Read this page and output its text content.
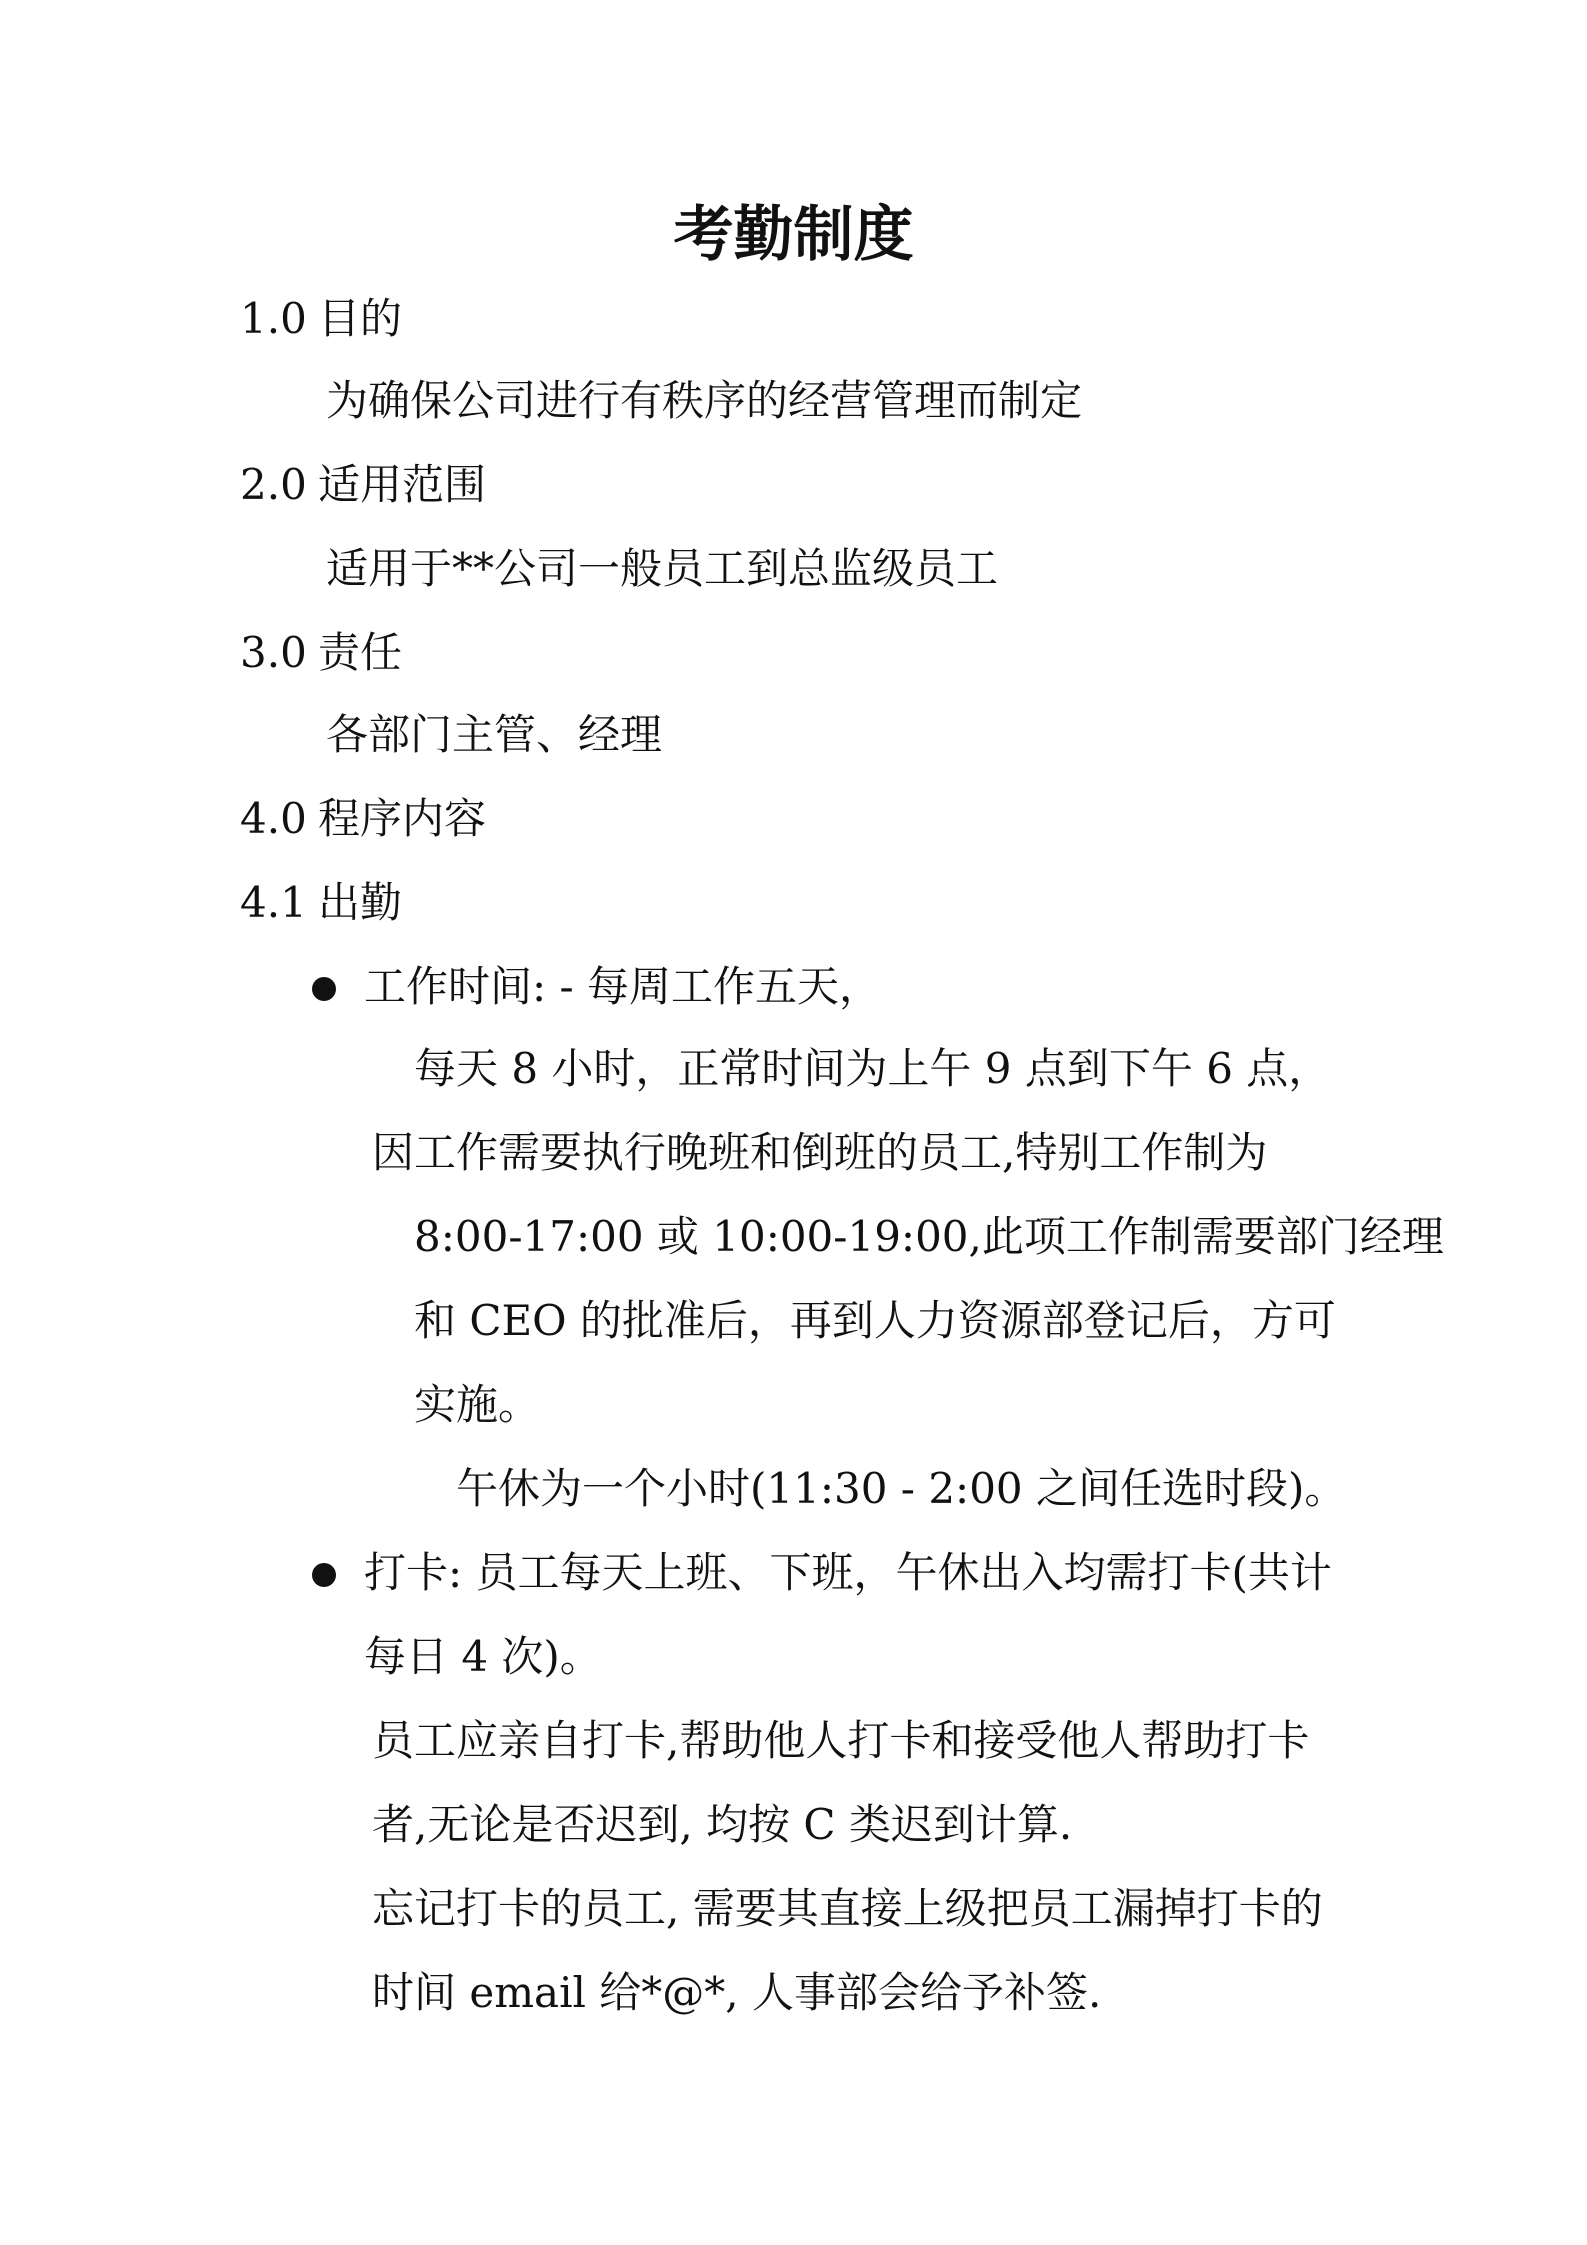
考勤制度
1.0 目的
为确保公司进行有秩序的经营管理而制定
2.0 适用范围
适用于**公司一般员工到总监级员工
3.0 责任
各部门主管、经理
4.0 程序内容
4.1 出勤
工作时间: - 每周工作五天，
每天 8 小时，正常时间为上午 9 点到下午 6 点，
因工作需要执行晚班和倒班的员工,特别工作制为
8:00-17:00 或 10:00-19:00,此项工作制需要部门经理
和 CEO 的批准后，再到人力资源部登记后，方可
实施。
午休为一个小时(11:30 - 2:00 之间任选时段)。
打卡: 员工每天上班、下班，午休出入均需打卡(共计
每日 4 次)。
员工应亲自打卡,帮助他人打卡和接受他人帮助打卡
者,无论是否迟到, 均按 C 类迟到计算.
忘记打卡的员工, 需要其直接上级把员工漏掉打卡的
时间 email 给*@*, 人事部会给予补签.
